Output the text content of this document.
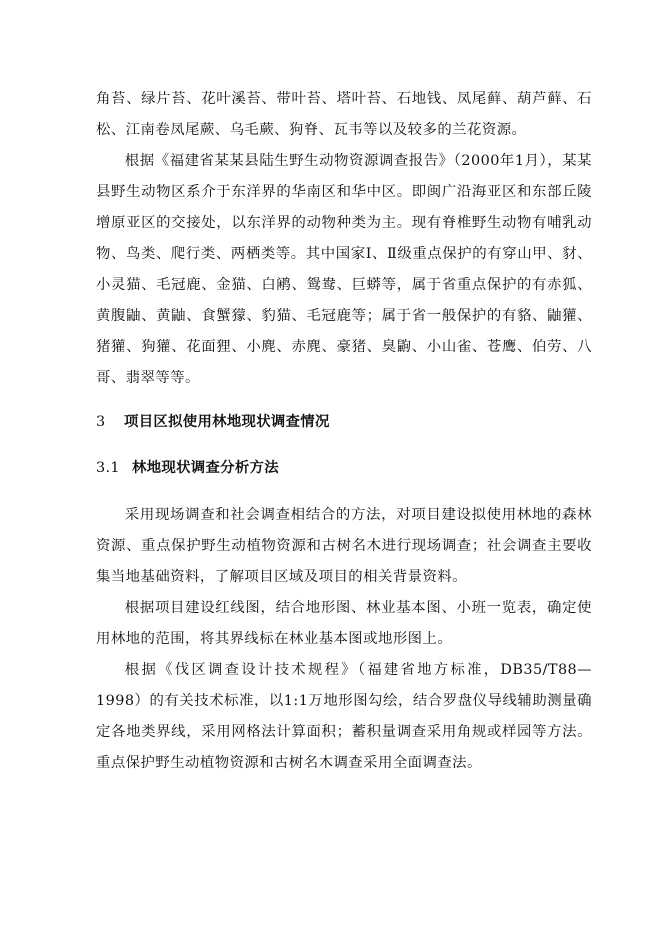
角苔、绿片苔、花叶溪苔、带叶苔、塔叶苔、石地钱、凤尾藓、葫芦藓、石松、江南卷凤尾蕨、乌毛蕨、狗脊、瓦韦等以及较多的兰花资源。

根据《福建省某某县陆生野生动物资源调查报告》（2000年1月），某某县野生动物区系介于东洋界的华南区和华中区。即闽广沿海亚区和东部丘陵增原亚区的交接处，以东洋界的动物种类为主。现有脊椎野生动物有哺乳动物、鸟类、爬行类、两栖类等。其中国家Ⅰ、Ⅱ级重点保护的有穿山甲、豺、小灵猫、毛冠鹿、金猫、白鹇、鸳鸯、巨蟒等，属于省重点保护的有赤狐、黄腹鼬、黄鼬、食蟹獴、豹猫、毛冠鹿等；属于省一般保护的有貉、鼬獾、猪獾、狗獾、花面狸、小麂、赤麂、豪猪、臭鼩、小山雀、苍鹰、伯劳、八哥、翡翠等等。

3 项目区拟使用林地现状调查情况
3.1 林地现状调查分析方法

采用现场调查和社会调查相结合的方法，对项目建设拟使用林地的森林资源、重点保护野生动植物资源和古树名木进行现场调查；社会调查主要收集当地基础资料，了解项目区域及项目的相关背景资料。

根据项目建设红线图，结合地形图、林业基本图、小班一览表，确定使用林地的范围，将其界线标在林业基本图或地形图上。

根据《伐区调查设计技术规程》（福建省地方标准，DB35/T88—1998）的有关技术标准，以1:1万地形图勾绘，结合罗盘仪导线辅助测量确定各地类界线，采用网格法计算面积；蓄积量调查采用角规或样园等方法。重点保护野生动植物资源和古树名木调查采用全面调查法。
